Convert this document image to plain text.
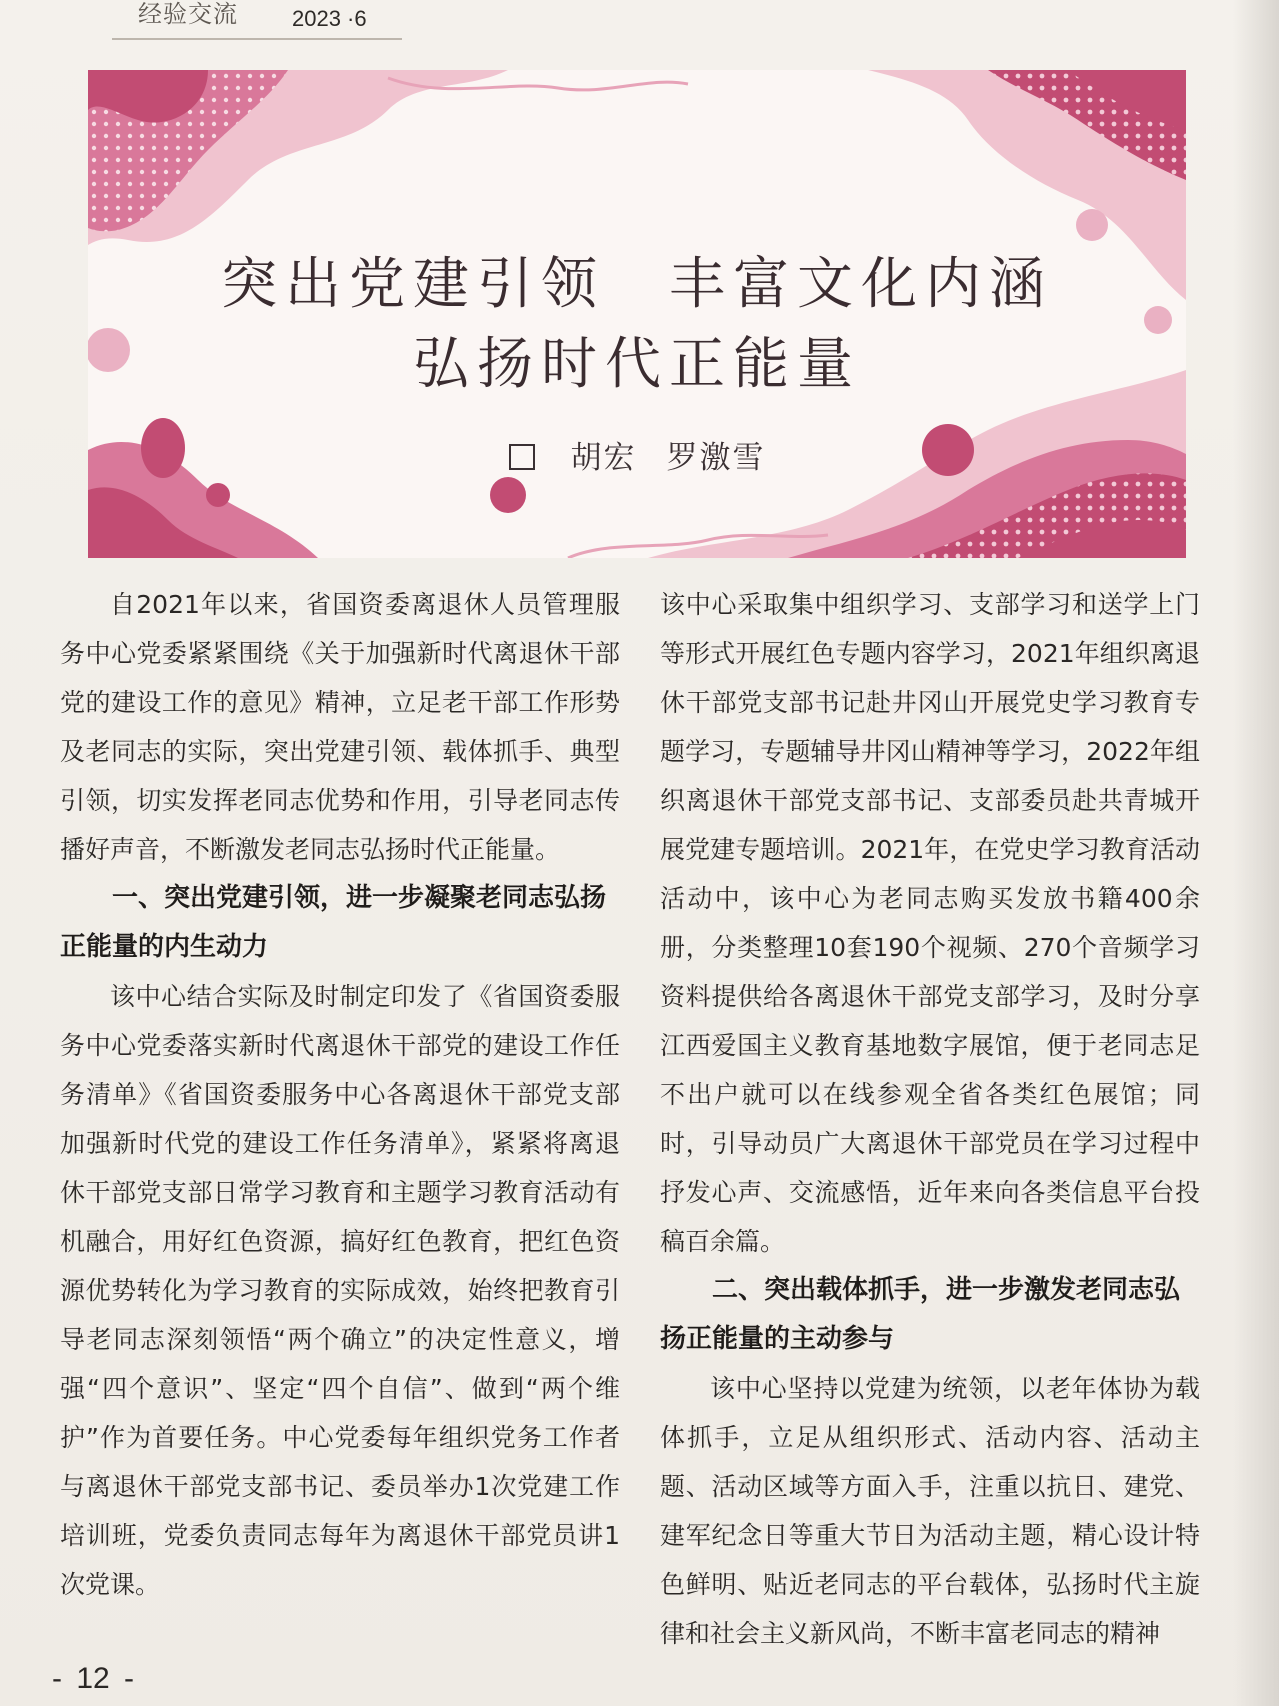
经验交流 2023 ·6
突出党建引领　丰富文化内涵
弘扬时代正能量
胡宏 罗激雪

自2021年以来，省国资委离退休人员管理服务中心党委紧紧围绕《关于加强新时代离退休干部党的建设工作的意见》精神，立足老干部工作形势及老同志的实际，突出党建引领、载体抓手、典型引领，切实发挥老同志优势和作用，引导老同志传播好声音，不断激发老同志弘扬时代正能量。

一、突出党建引领，进一步凝聚老同志弘扬正能量的内生动力

该中心结合实际及时制定印发了《省国资委服务中心党委落实新时代离退休干部党的建设工作任务清单》《省国资委服务中心各离退休干部党支部加强新时代党的建设工作任务清单》，紧紧将离退休干部党支部日常学习教育和主题学习教育活动有机融合，用好红色资源，搞好红色教育，把红色资源优势转化为学习教育的实际成效，始终把教育引导老同志深刻领悟“两个确立”的决定性意义，增强“四个意识”、坚定“四个自信”、做到“两个维护”作为首要任务。中心党委每年组织党务工作者与离退休干部党支部书记、委员举办1次党建工作培训班，党委负责同志每年为离退休干部党员讲1次党课。

该中心采取集中组织学习、支部学习和送学上门等形式开展红色专题内容学习，2021年组织离退休干部党支部书记赴井冈山开展党史学习教育专题学习，专题辅导井冈山精神等学习，2022年组织离退休干部党支部书记、支部委员赴共青城开展党建专题培训。2021年，在党史学习教育活动活动中，该中心为老同志购买发放书籍400余册，分类整理10套190个视频、270个音频学习资料提供给各离退休干部党支部学习，及时分享江西爱国主义教育基地数字展馆，便于老同志足不出户就可以在线参观全省各类红色展馆；同时，引导动员广大离退休干部党员在学习过程中抒发心声、交流感悟，近年来向各类信息平台投稿百余篇。

二、突出载体抓手，进一步激发老同志弘扬正能量的主动参与

该中心坚持以党建为统领，以老年体协为载体抓手，立足从组织形式、活动内容、活动主题、活动区域等方面入手，注重以抗日、建党、建军纪念日等重大节日为活动主题，精心设计特色鲜明、贴近老同志的平台载体，弘扬时代主旋律和社会主义新风尚，不断丰富老同志的精神

- 12 -
